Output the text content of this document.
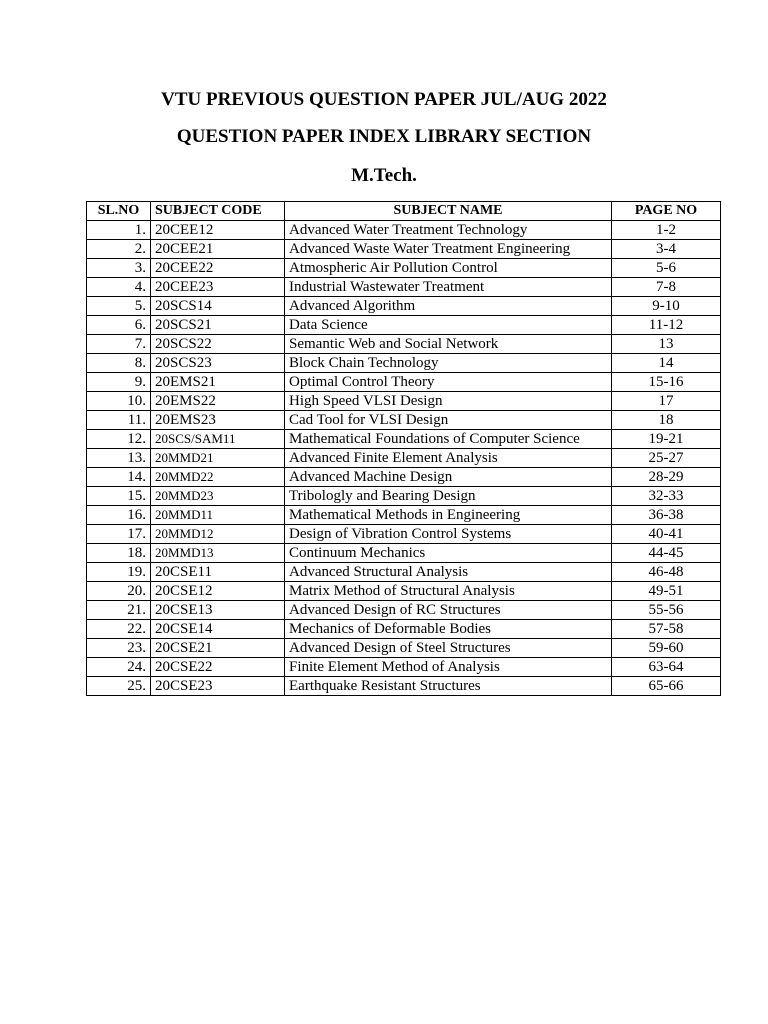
VTU PREVIOUS QUESTION PAPER JUL/AUG 2022
QUESTION PAPER INDEX LIBRARY SECTION
M.Tech.
SL.NO	SUBJECT CODE	SUBJECT NAME	PAGE NO
1.	20CEE12	Advanced Water Treatment Technology	1-2
2.	20CEE21	Advanced Waste Water Treatment Engineering	3-4
3.	20CEE22	Atmospheric Air Pollution Control	5-6
4.	20CEE23	Industrial Wastewater Treatment	7-8
5.	20SCS14	Advanced Algorithm	9-10
6.	20SCS21	Data Science	11-12
7.	20SCS22	Semantic Web and Social Network	13
8.	20SCS23	Block Chain Technology	14
9.	20EMS21	Optimal Control Theory	15-16
10.	20EMS22	High Speed VLSI Design	17
11.	20EMS23	Cad Tool for VLSI Design	18
12.	20SCS/SAM11	Mathematical Foundations of Computer Science	19-21
13.	20MMD21	Advanced Finite Element Analysis	25-27
14.	20MMD22	Advanced Machine Design	28-29
15.	20MMD23	Tribologly and Bearing Design	32-33
16.	20MMD11	Mathematical Methods in Engineering	36-38
17.	20MMD12	Design of Vibration Control Systems	40-41
18.	20MMD13	Continuum Mechanics	44-45
19.	20CSE11	Advanced Structural Analysis	46-48
20.	20CSE12	Matrix Method of Structural Analysis	49-51
21.	20CSE13	Advanced Design of RC Structures	55-56
22.	20CSE14	Mechanics of Deformable Bodies	57-58
23.	20CSE21	Advanced Design of Steel Structures	59-60
24.	20CSE22	Finite Element Method of Analysis	63-64
25.	20CSE23	Earthquake Resistant Structures	65-66
